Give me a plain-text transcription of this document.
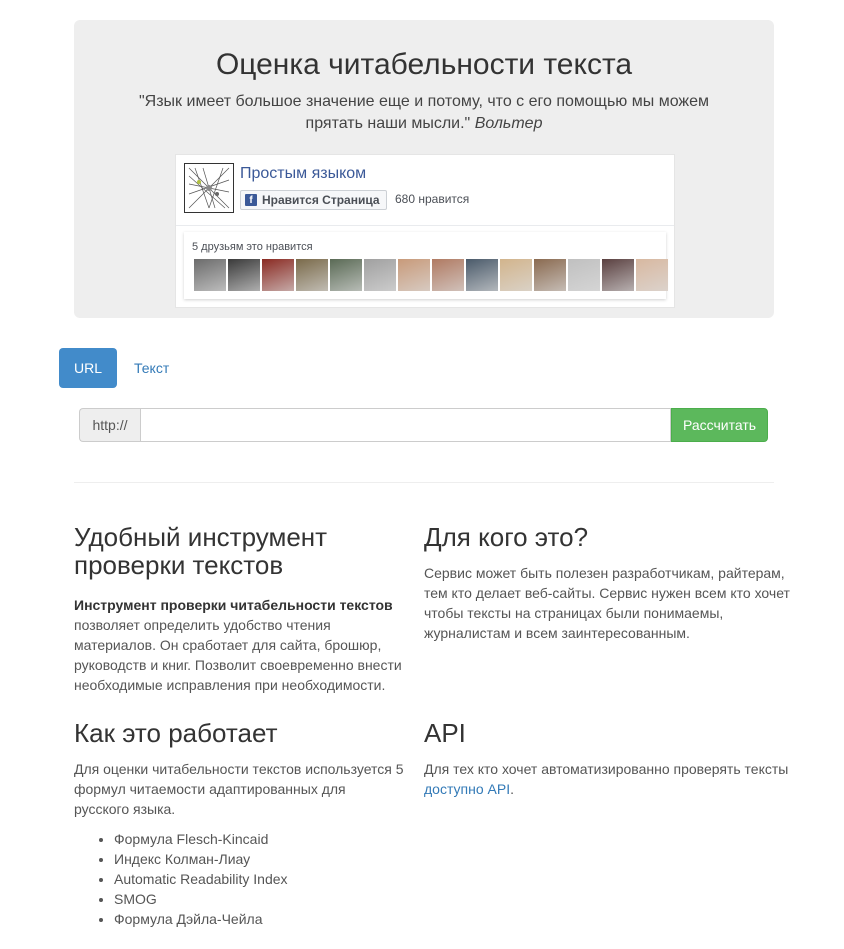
Оценка читабельности текста
"Язык имеет большое значение еще и потому, что с его помощью мы можем прятать наши мысли." Вольтер
Простым языком
f Нравится Страница 680 нравится
5 друзьям это нравится
URL	Текст
http://	Рассчитать
Удобный инструмент проверки текстов

Инструмент проверки читабельности текстов позволяет определить удобство чтения материалов. Он сработает для сайта, брошюр, руководств и книг. Позволит своевременно внести необходимые исправления при необходимости.

Для кого это?

Сервис может быть полезен разработчикам, райтерам, тем кто делает веб-сайты. Сервис нужен всем кто хочет чтобы тексты на страницах были понимаемы, журналистам и всем заинтересованным.

Как это работает

Для оценки читабельности текстов используется 5 формул читаемости адаптированных для русского языка.

• Формула Flesch-Kincaid
• Индекс Колман-Лиау
• Automatic Readability Index
• SMOG
• Формула Дэйла-Чейла
API

Для тех кто хочет автоматизированно проверять тексты
доступно API.
